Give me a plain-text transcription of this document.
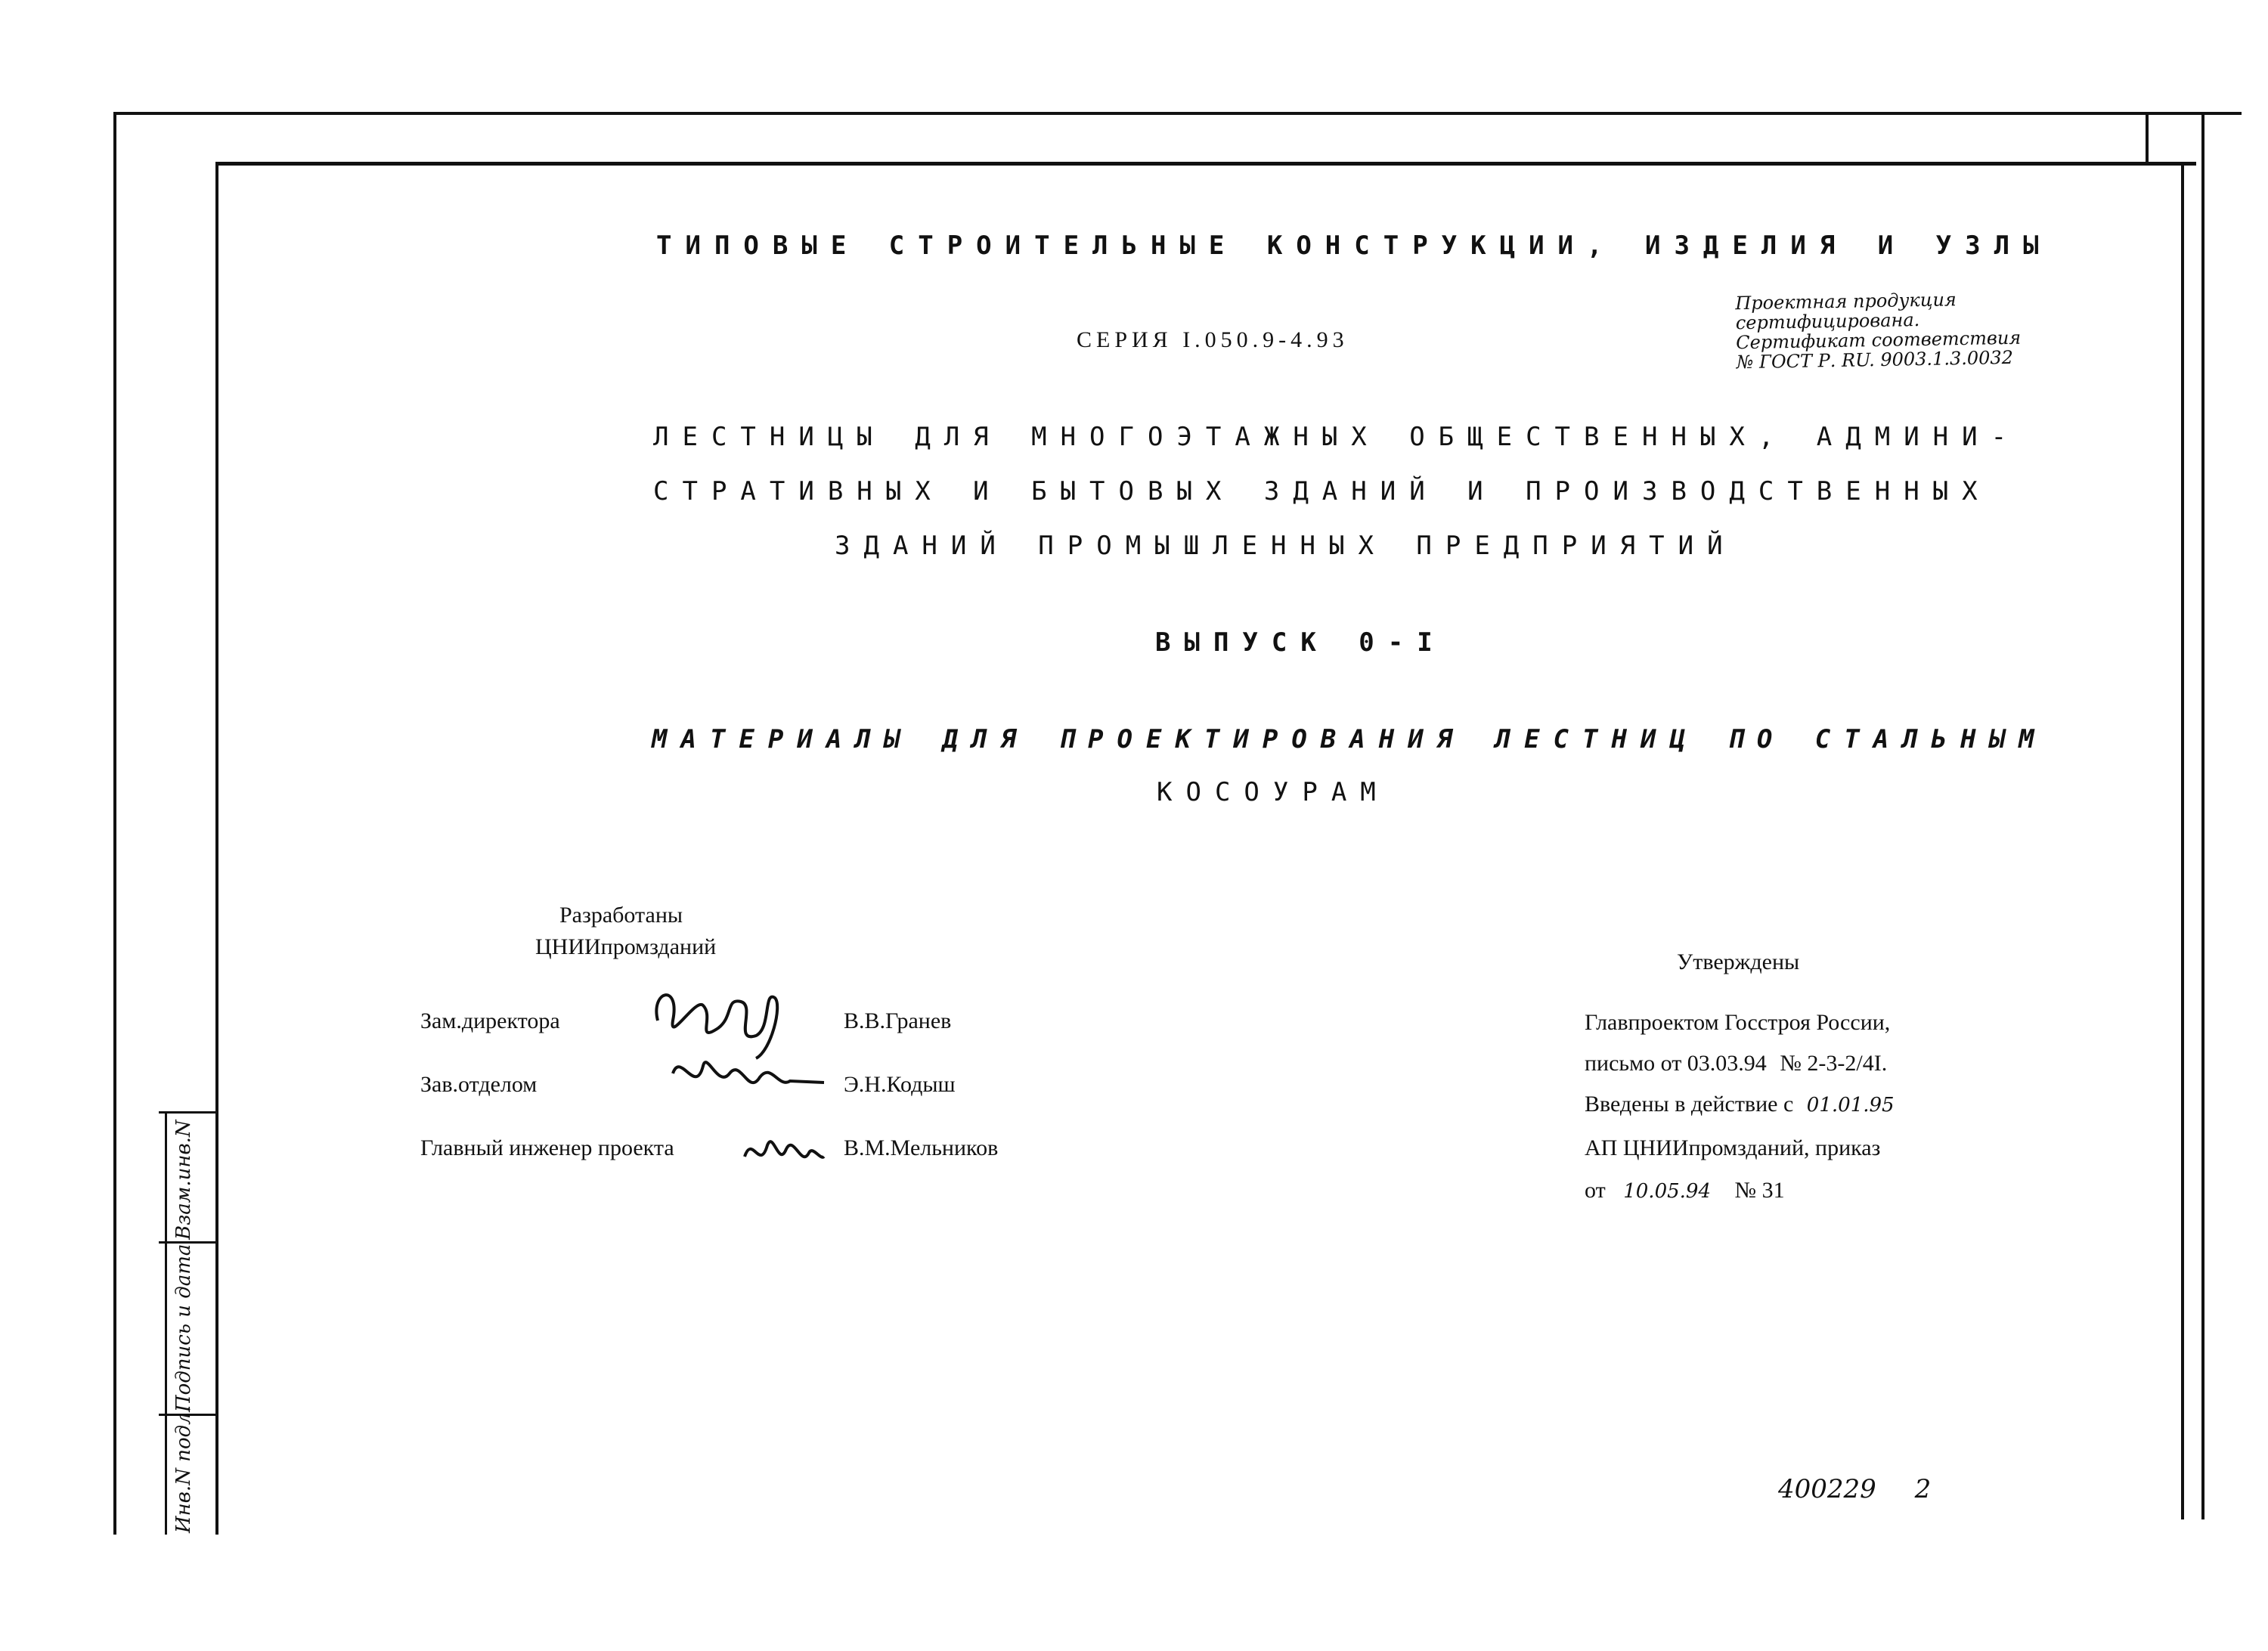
Взам.инв.N
Подпись и дата
Инв.N подл.
ТИПОВЫЕ СТРОИТЕЛЬНЫЕ КОНСТРУКЦИИ, ИЗДЕЛИЯ И УЗЛЫ
СЕРИЯ I.050.9-4.93
Проектная продукция
сертифицирована.
Сертификат соответствия
№ ГОСТ Р. RU. 9003.1.3.0032
ЛЕСТНИЦЫ ДЛЯ МНОГОЭТАЖНЫХ ОБЩЕСТВЕННЫХ, АДМИНИ-
СТРАТИВНЫХ И БЫТОВЫХ ЗДАНИЙ И ПРОИЗВОДСТВЕННЫХ
ЗДАНИЙ ПРОМЫШЛЕННЫХ ПРЕДПРИЯТИЙ
ВЫПУСК 0-I
МАТЕРИАЛЫ ДЛЯ ПРОЕКТИРОВАНИЯ ЛЕСТНИЦ ПО СТАЛЬНЫМ
КОСОУРАМ
Разработаны
ЦНИИпромзданий
Зам.директора	В.В.Гранев
Зав.отделом	Э.Н.Кодыш
Главный инженер проекта	В.М.Мельников
Утверждены
Главпроектом Госстроя России,
письмо от 03.03.94 № 2-3-2/4I.
Введены в действие с 01.01.95
АП ЦНИИпромзданий, приказ
от 10.05.94 № 31
400229 2
